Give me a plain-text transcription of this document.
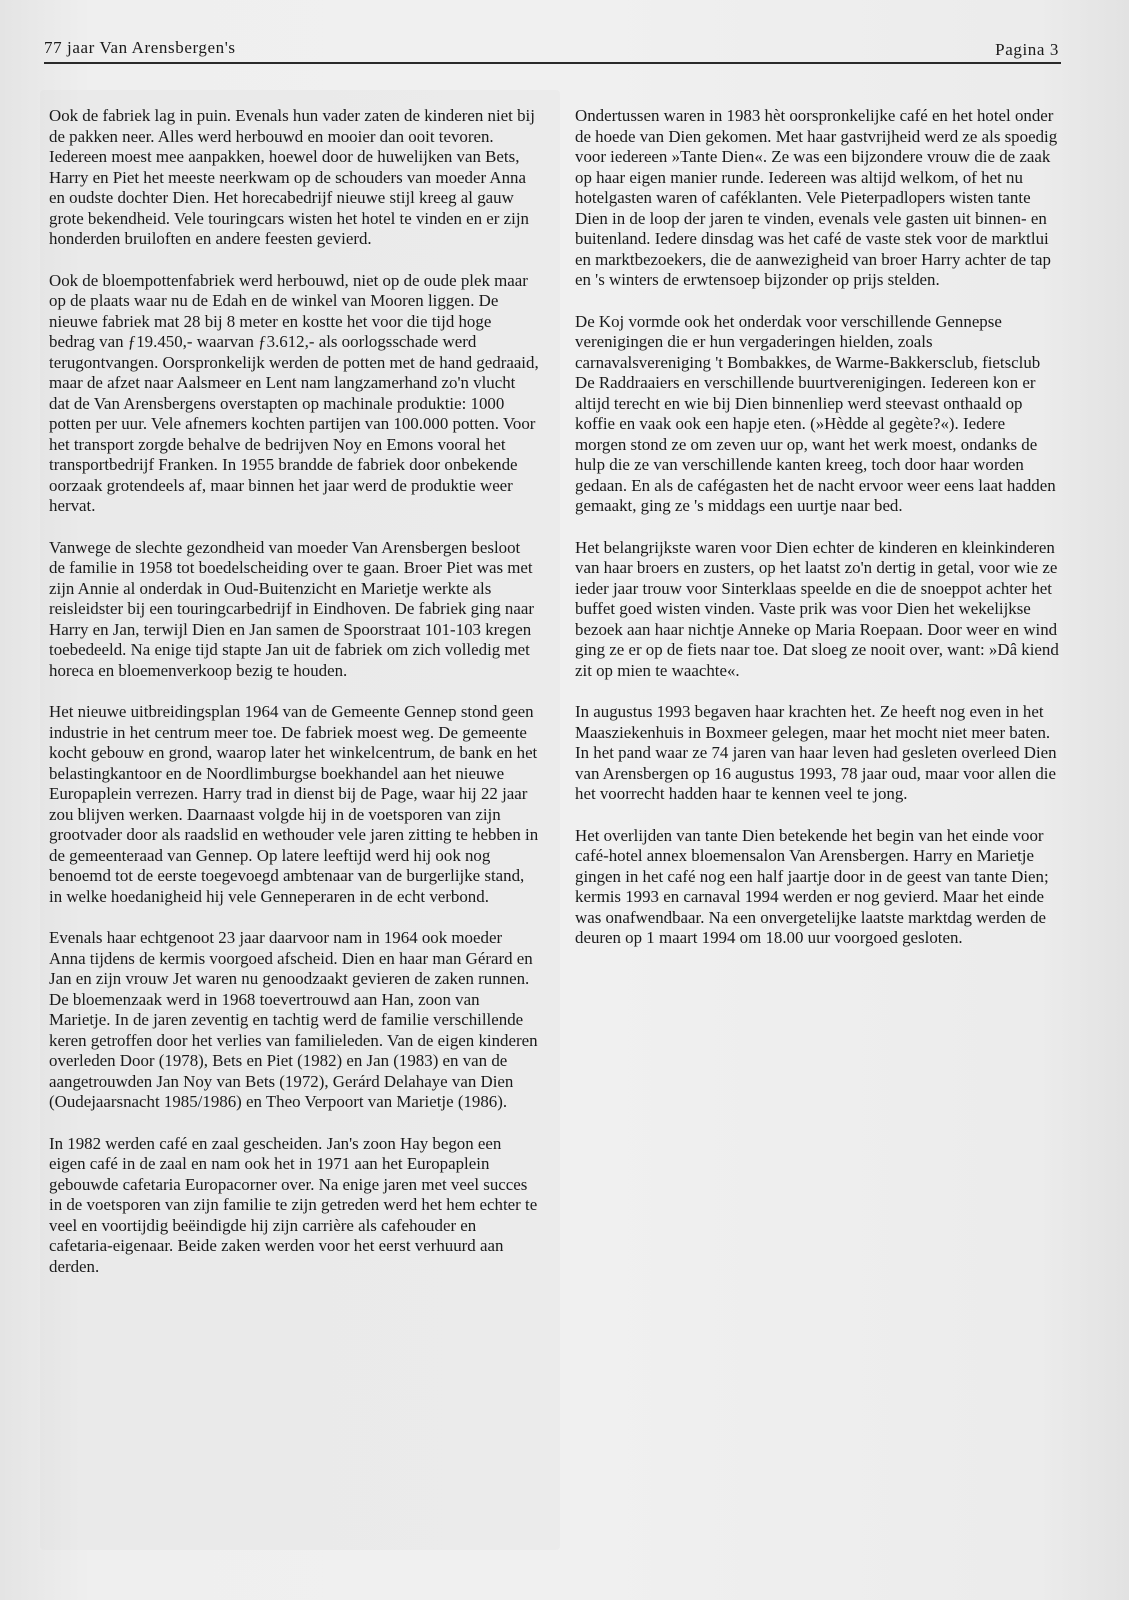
77 jaar Van Arensbergen's	Pagina 3

Ook de fabriek lag in puin. Evenals hun vader zaten de kinderen niet bij de pakken neer. Alles werd herbouwd en mooier dan ooit tevoren. Iedereen moest mee aanpakken, hoewel door de huwelijken van Bets, Harry en Piet het meeste neerkwam op de schouders van moeder Anna en oudste dochter Dien. Het horecabedrijf nieuwe stijl kreeg al gauw grote bekendheid. Vele touringcars wisten het hotel te vinden en er zijn honderden bruiloften en andere feesten gevierd.

Ook de bloempottenfabriek werd herbouwd, niet op de oude plek maar op de plaats waar nu de Edah en de winkel van Mooren liggen. De nieuwe fabriek mat 28 bij 8 meter en kostte het voor die tijd hoge bedrag van ƒ19.450,- waarvan ƒ3.612,- als oorlogsschade werd terugontvangen. Oorspronkelijk werden de potten met de hand gedraaid, maar de afzet naar Aalsmeer en Lent nam langzamerhand zo'n vlucht dat de Van Arensbergens overstapten op machinale produktie: 1000 potten per uur. Vele afnemers kochten partijen van 100.000 potten. Voor het transport zorgde behalve de bedrijven Noy en Emons vooral het transportbedrijf Franken. In 1955 brandde de fabriek door onbekende oorzaak grotendeels af, maar binnen het jaar werd de produktie weer hervat.

Vanwege de slechte gezondheid van moeder Van Arensbergen besloot de familie in 1958 tot boedelscheiding over te gaan. Broer Piet was met zijn Annie al onderdak in Oud-Buitenzicht en Marietje werkte als reisleidster bij een touringcarbedrijf in Eindhoven. De fabriek ging naar Harry en Jan, terwijl Dien en Jan samen de Spoorstraat 101-103 kregen toebedeeld. Na enige tijd stapte Jan uit de fabriek om zich volledig met horeca en bloemenverkoop bezig te houden.

Het nieuwe uitbreidingsplan 1964 van de Gemeente Gennep stond geen industrie in het centrum meer toe. De fabriek moest weg. De gemeente kocht gebouw en grond, waarop later het winkelcentrum, de bank en het belastingkantoor en de Noordlimburgse boekhandel aan het nieuwe Europaplein verrezen. Harry trad in dienst bij de Page, waar hij 22 jaar zou blijven werken. Daarnaast volgde hij in de voetsporen van zijn grootvader door als raadslid en wethouder vele jaren zitting te hebben in de gemeenteraad van Gennep. Op latere leeftijd werd hij ook nog benoemd tot de eerste toegevoegd ambtenaar van de burgerlijke stand, in welke hoedanigheid hij vele Genneperaren in de echt verbond.

Evenals haar echtgenoot 23 jaar daarvoor nam in 1964 ook moeder Anna tijdens de kermis voorgoed afscheid. Dien en haar man Gérard en Jan en zijn vrouw Jet waren nu genoodzaakt gevieren de zaken runnen. De bloemenzaak werd in 1968 toevertrouwd aan Han, zoon van Marietje. In de jaren zeventig en tachtig werd de familie verschillende keren getroffen door het verlies van familieleden. Van de eigen kinderen overleden Door (1978), Bets en Piet (1982) en Jan (1983) en van de aangetrouwden Jan Noy van Bets (1972), Gerárd Delahaye van Dien (Oudejaarsnacht 1985/1986) en Theo Verpoort van Marietje (1986).

In 1982 werden café en zaal gescheiden. Jan's zoon Hay begon een eigen café in de zaal en nam ook het in 1971 aan het Europaplein gebouwde cafetaria Europacorner over. Na enige jaren met veel succes in de voetsporen van zijn familie te zijn getreden werd het hem echter te veel en voortijdig beëindigde hij zijn carrière als cafehouder en cafetaria-eigenaar. Beide zaken werden voor het eerst verhuurd aan derden.

Ondertussen waren in 1983 hèt oorspronkelijke café en het hotel onder de hoede van Dien gekomen. Met haar gastvrijheid werd ze als spoedig voor iedereen »Tante Dien«. Ze was een bijzondere vrouw die de zaak op haar eigen manier runde. Iedereen was altijd welkom, of het nu hotelgasten waren of caféklanten. Vele Pieterpadlopers wisten tante Dien in de loop der jaren te vinden, evenals vele gasten uit binnen- en buitenland. Iedere dinsdag was het café de vaste stek voor de marktlui en marktbezoekers, die de aanwezigheid van broer Harry achter de tap en 's winters de erwtensoep bijzonder op prijs stelden.

De Koj vormde ook het onderdak voor verschillende Gennepse verenigingen die er hun vergaderingen hielden, zoals carnavalsvereniging 't Bombakkes, de Warme-Bakkersclub, fietsclub De Raddraaiers en verschillende buurtverenigingen. Iedereen kon er altijd terecht en wie bij Dien binnenliep werd steevast onthaald op koffie en vaak ook een hapje eten. (»Hèdde al gegète?«). Iedere morgen stond ze om zeven uur op, want het werk moest, ondanks de hulp die ze van verschillende kanten kreeg, toch door haar worden gedaan. En als de cafégasten het de nacht ervoor weer eens laat hadden gemaakt, ging ze 's middags een uurtje naar bed.

Het belangrijkste waren voor Dien echter de kinderen en kleinkinderen van haar broers en zusters, op het laatst zo'n dertig in getal, voor wie ze ieder jaar trouw voor Sinterklaas speelde en die de snoeppot achter het buffet goed wisten vinden. Vaste prik was voor Dien het wekelijkse bezoek aan haar nichtje Anneke op Maria Roepaan. Door weer en wind ging ze er op de fiets naar toe. Dat sloeg ze nooit over, want: »Dâ kiend zit op mien te waachte«.

In augustus 1993 begaven haar krachten het. Ze heeft nog even in het Maasziekenhuis in Boxmeer gelegen, maar het mocht niet meer baten. In het pand waar ze 74 jaren van haar leven had gesleten overleed Dien van Arensbergen op 16 augustus 1993, 78 jaar oud, maar voor allen die het voorrecht hadden haar te kennen veel te jong.

Het overlijden van tante Dien betekende het begin van het einde voor café-hotel annex bloemensalon Van Arensbergen. Harry en Marietje gingen in het café nog een half jaartje door in de geest van tante Dien; kermis 1993 en carnaval 1994 werden er nog gevierd. Maar het einde was onafwendbaar. Na een onvergetelijke laatste marktdag werden de deuren op 1 maart 1994 om 18.00 uur voorgoed gesloten.
